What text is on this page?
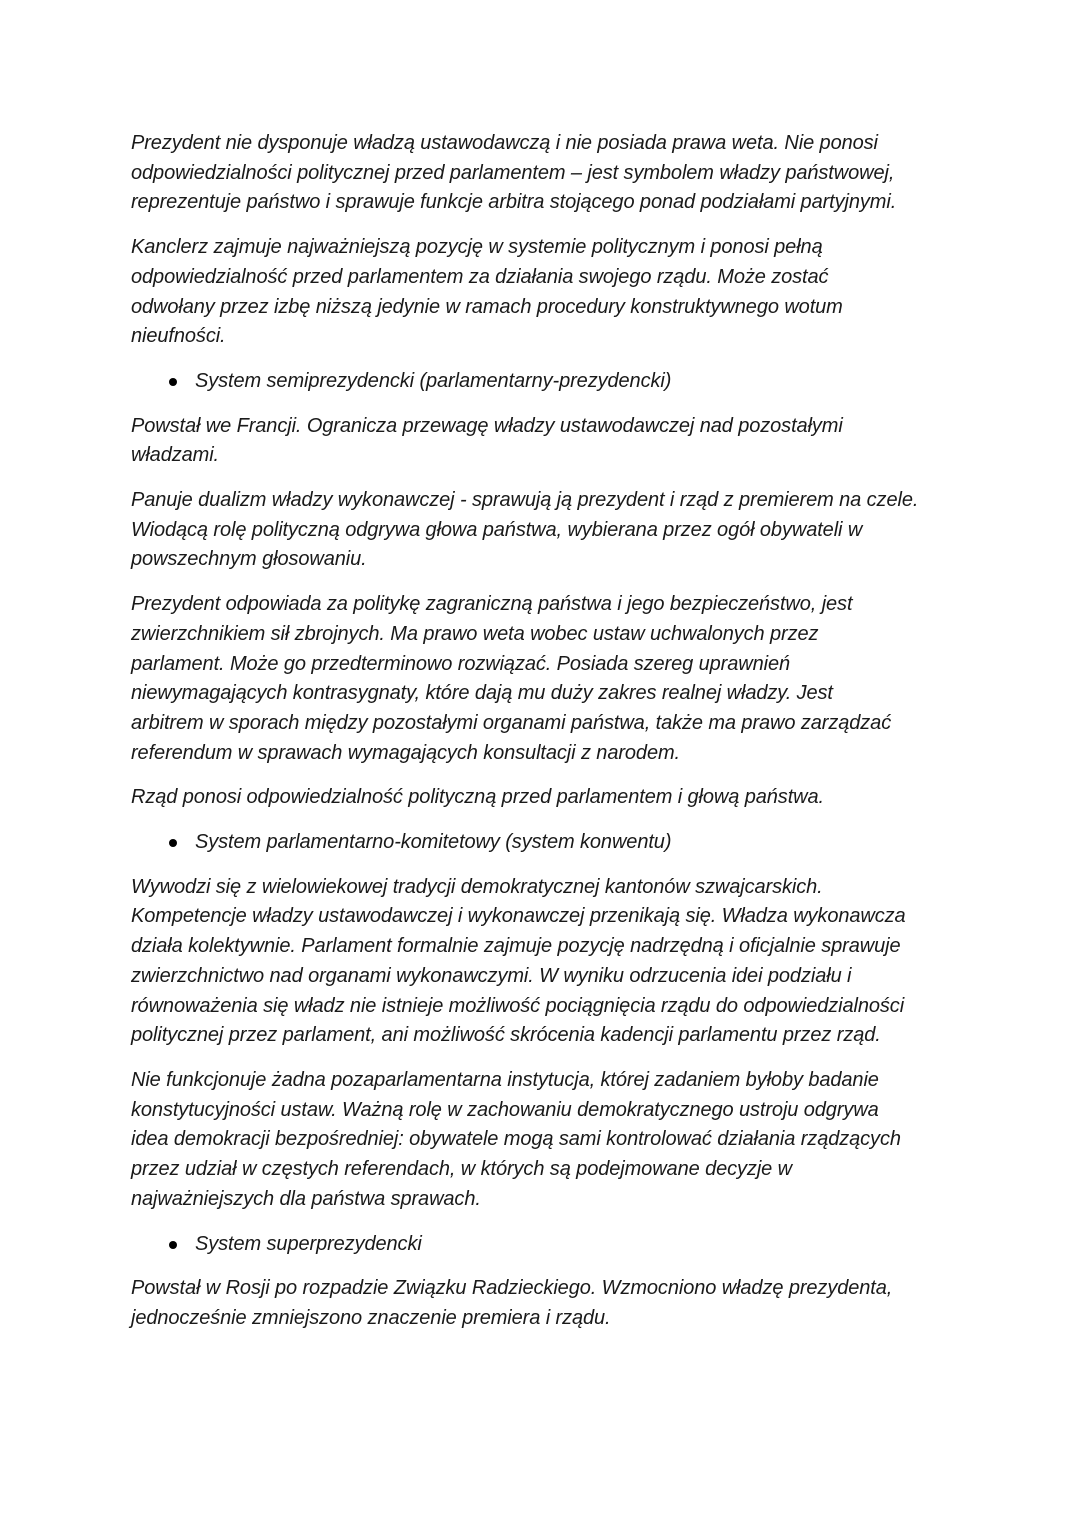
Prezydent nie dysponuje władzą ustawodawczą i nie posiada prawa weta. Nie ponosi
odpowiedzialności politycznej przed parlamentem – jest symbolem władzy państwowej,
reprezentuje państwo i sprawuje funkcje arbitra stojącego ponad podziałami partyjnymi.

Kanclerz zajmuje najważniejszą pozycję w systemie politycznym i ponosi pełną
odpowiedzialność przed parlamentem za działania swojego rządu. Może zostać
odwołany przez izbę niższą jedynie w ramach procedury konstruktywnego wotum
nieufności.

System semiprezydencki (parlamentarny-prezydencki)

Powstał we Francji. Ogranicza przewagę władzy ustawodawczej nad pozostałymi
władzami.

Panuje dualizm władzy wykonawczej - sprawują ją prezydent i rząd z premierem na czele.
Wiodącą rolę polityczną odgrywa głowa państwa, wybierana przez ogół obywateli w
powszechnym głosowaniu.

Prezydent odpowiada za politykę zagraniczną państwa i jego bezpieczeństwo, jest
zwierzchnikiem sił zbrojnych. Ma prawo weta wobec ustaw uchwalonych przez
parlament. Może go przedterminowo rozwiązać. Posiada szereg uprawnień
niewymagających kontrasygnaty, które dają mu duży zakres realnej władzy. Jest
arbitrem w sporach między pozostałymi organami państwa, także ma prawo zarządzać
referendum w sprawach wymagających konsultacji z narodem.

Rząd ponosi odpowiedzialność polityczną przed parlamentem i głową państwa.

System parlamentarno-komitetowy (system konwentu)

Wywodzi się z wielowiekowej tradycji demokratycznej kantonów szwajcarskich.
Kompetencje władzy ustawodawczej i wykonawczej przenikają się. Władza wykonawcza
działa kolektywnie. Parlament formalnie zajmuje pozycję nadrzędną i oficjalnie sprawuje
zwierzchnictwo nad organami wykonawczymi. W wyniku odrzucenia idei podziału i
równoważenia się władz nie istnieje możliwość pociągnięcia rządu do odpowiedzialności
politycznej przez parlament, ani możliwość skrócenia kadencji parlamentu przez rząd.

Nie funkcjonuje żadna pozaparlamentarna instytucja, której zadaniem byłoby badanie
konstytucyjności ustaw. Ważną rolę w zachowaniu demokratycznego ustroju odgrywa
idea demokracji bezpośredniej: obywatele mogą sami kontrolować działania rządzących
przez udział w częstych referendach, w których są podejmowane decyzje w
najważniejszych dla państwa sprawach.

System superprezydencki

Powstał w Rosji po rozpadzie Związku Radzieckiego. Wzmocniono władzę prezydenta,
jednocześnie zmniejszono znaczenie premiera i rządu.
